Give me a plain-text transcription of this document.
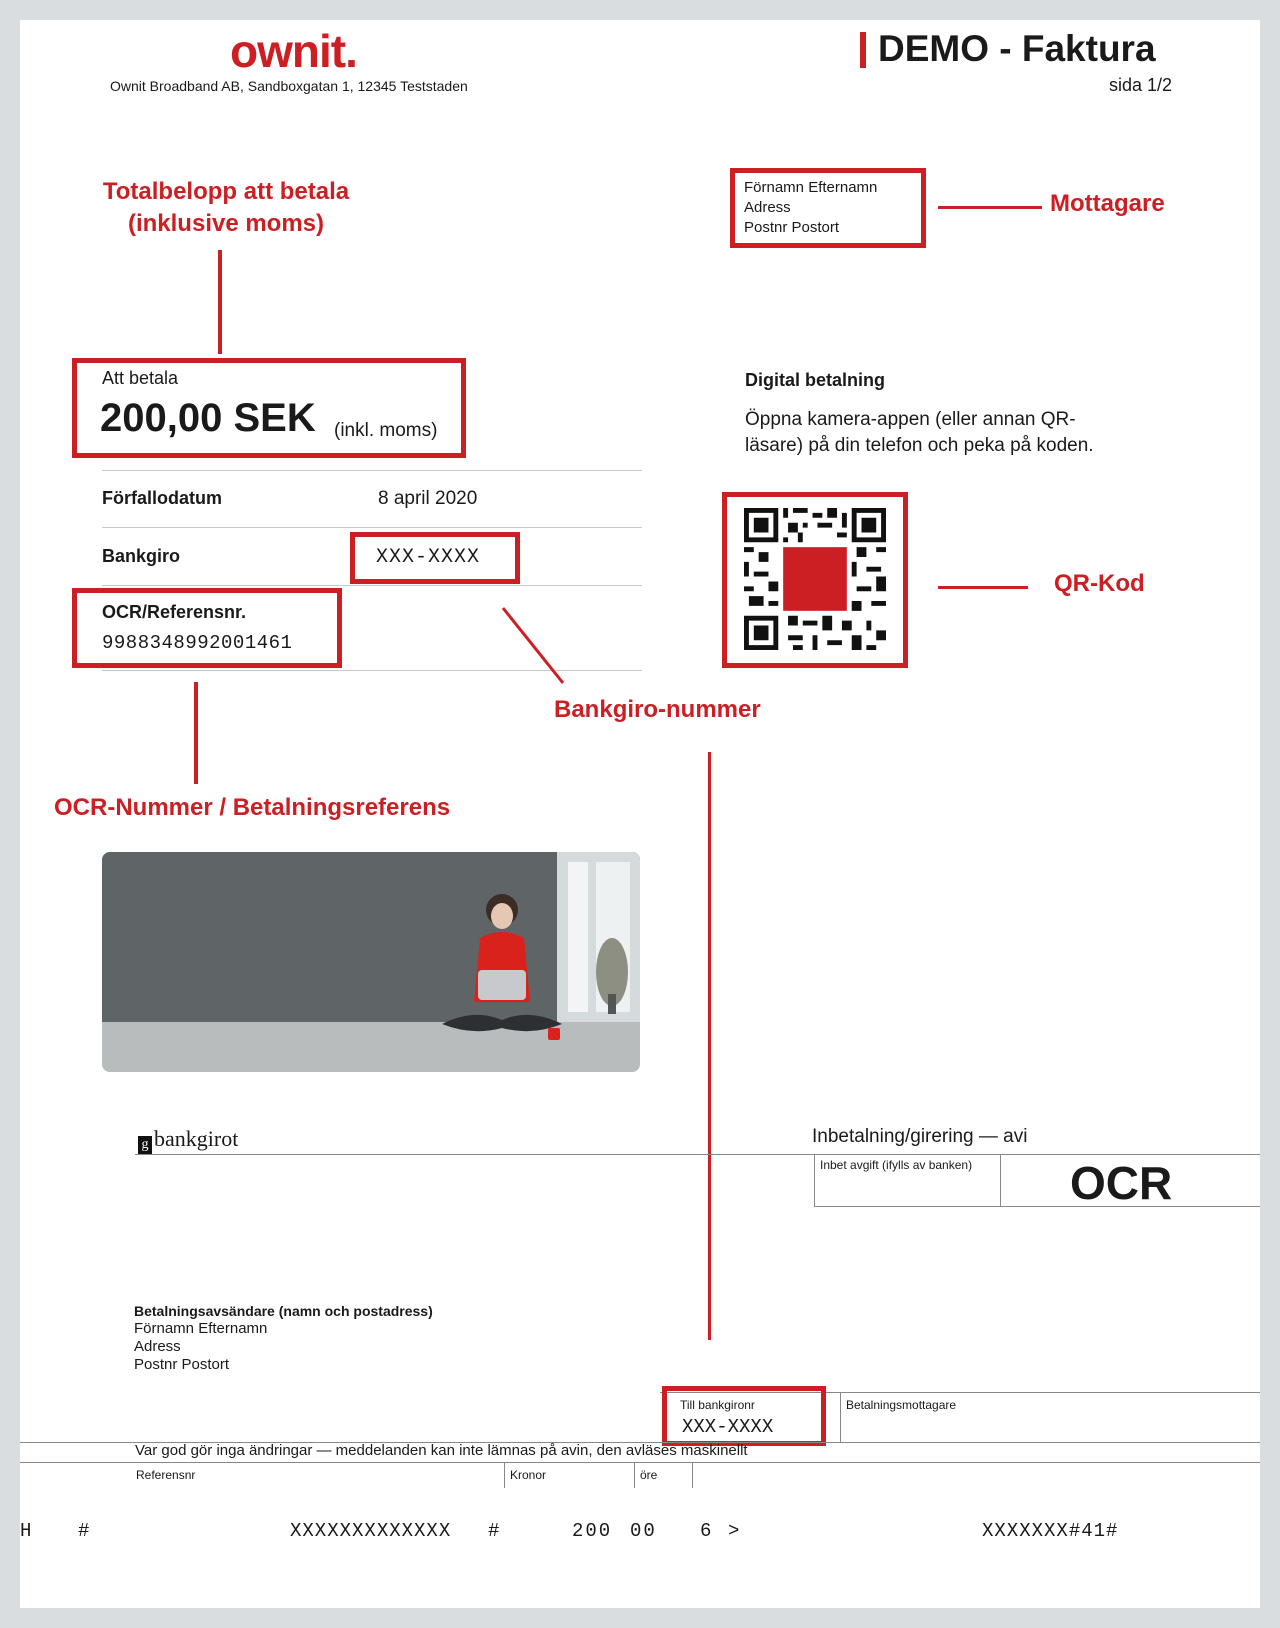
ownit.
Ownit Broadband AB, Sandboxgatan 1, 12345 Teststaden
DEMO - Faktura
sida 1/2
Totalbelopp att betala
(inklusive moms)
Förnamn Efternamn
Adress
Postnr Postort
Mottagare
Att betala
200,00 SEK (inkl. moms)
Förfallodatum	8 april 2020
Bankgiro	XXX-XXXX
OCR/Referensnr.
9988348992001461
Digital betalning
Öppna kamera-appen (eller annan QR-läsare) på din telefon och peka på koden.
QR-Kod
Bankgiro-nummer
OCR-Nummer / Betalningsreferens
g bankgirot	Inbetalning/girering — avi
Inbet avgift (ifylls av banken) OCR
Betalningsavsändare (namn och postadress)
Förnamn Efternamn
Adress
Postnr Postort
Till bankgironr
XXX-XXXX
Betalningsmottagare
Var god gör inga ändringar — meddelanden kan inte lämnas på avin, den avläses maskinellt
Referensnr	Kronor	öre
H #	XXXXXXXXXXXXX #	200 00 6 >	XXXXXXX#41#
